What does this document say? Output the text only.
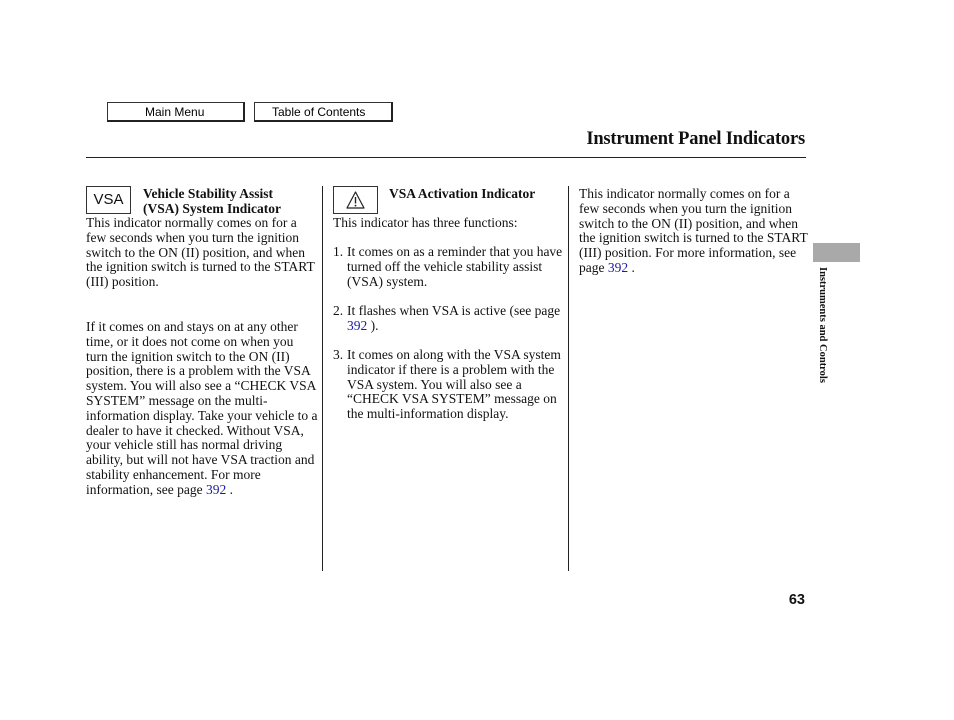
Main Menu	Table of Contents
Instrument Panel Indicators
VSA	Vehicle Stability Assist
(VSA) System Indicator

This indicator normally comes on for a few seconds when you turn the ignition switch to the ON (II) position, and when the ignition switch is turned to the START (III) position.

If it comes on and stays on at any other time, or it does not come on when you turn the ignition switch to the ON (II) position, there is a problem with the VSA system. You will also see a “CHECK VSA SYSTEM” message on the multi-information display. Take your vehicle to a dealer to have it checked. Without VSA, your vehicle still has normal driving ability, but will not have VSA traction and stability enhancement. For more information, see page 392 .

VSA Activation Indicator

This indicator has three functions:

1. It comes on as a reminder that you have turned off the vehicle stability assist (VSA) system.
2. It flashes when VSA is active (see page 392 ).
3. It comes on along with the VSA system indicator if there is a problem with the VSA system. You will also see a “CHECK VSA SYSTEM” message on the multi-information display.

This indicator normally comes on for a few seconds when you turn the ignition switch to the ON (II) position, and when the ignition switch is turned to the START (III) position. For more information, see page 392 .	Instruments and Controls
63
